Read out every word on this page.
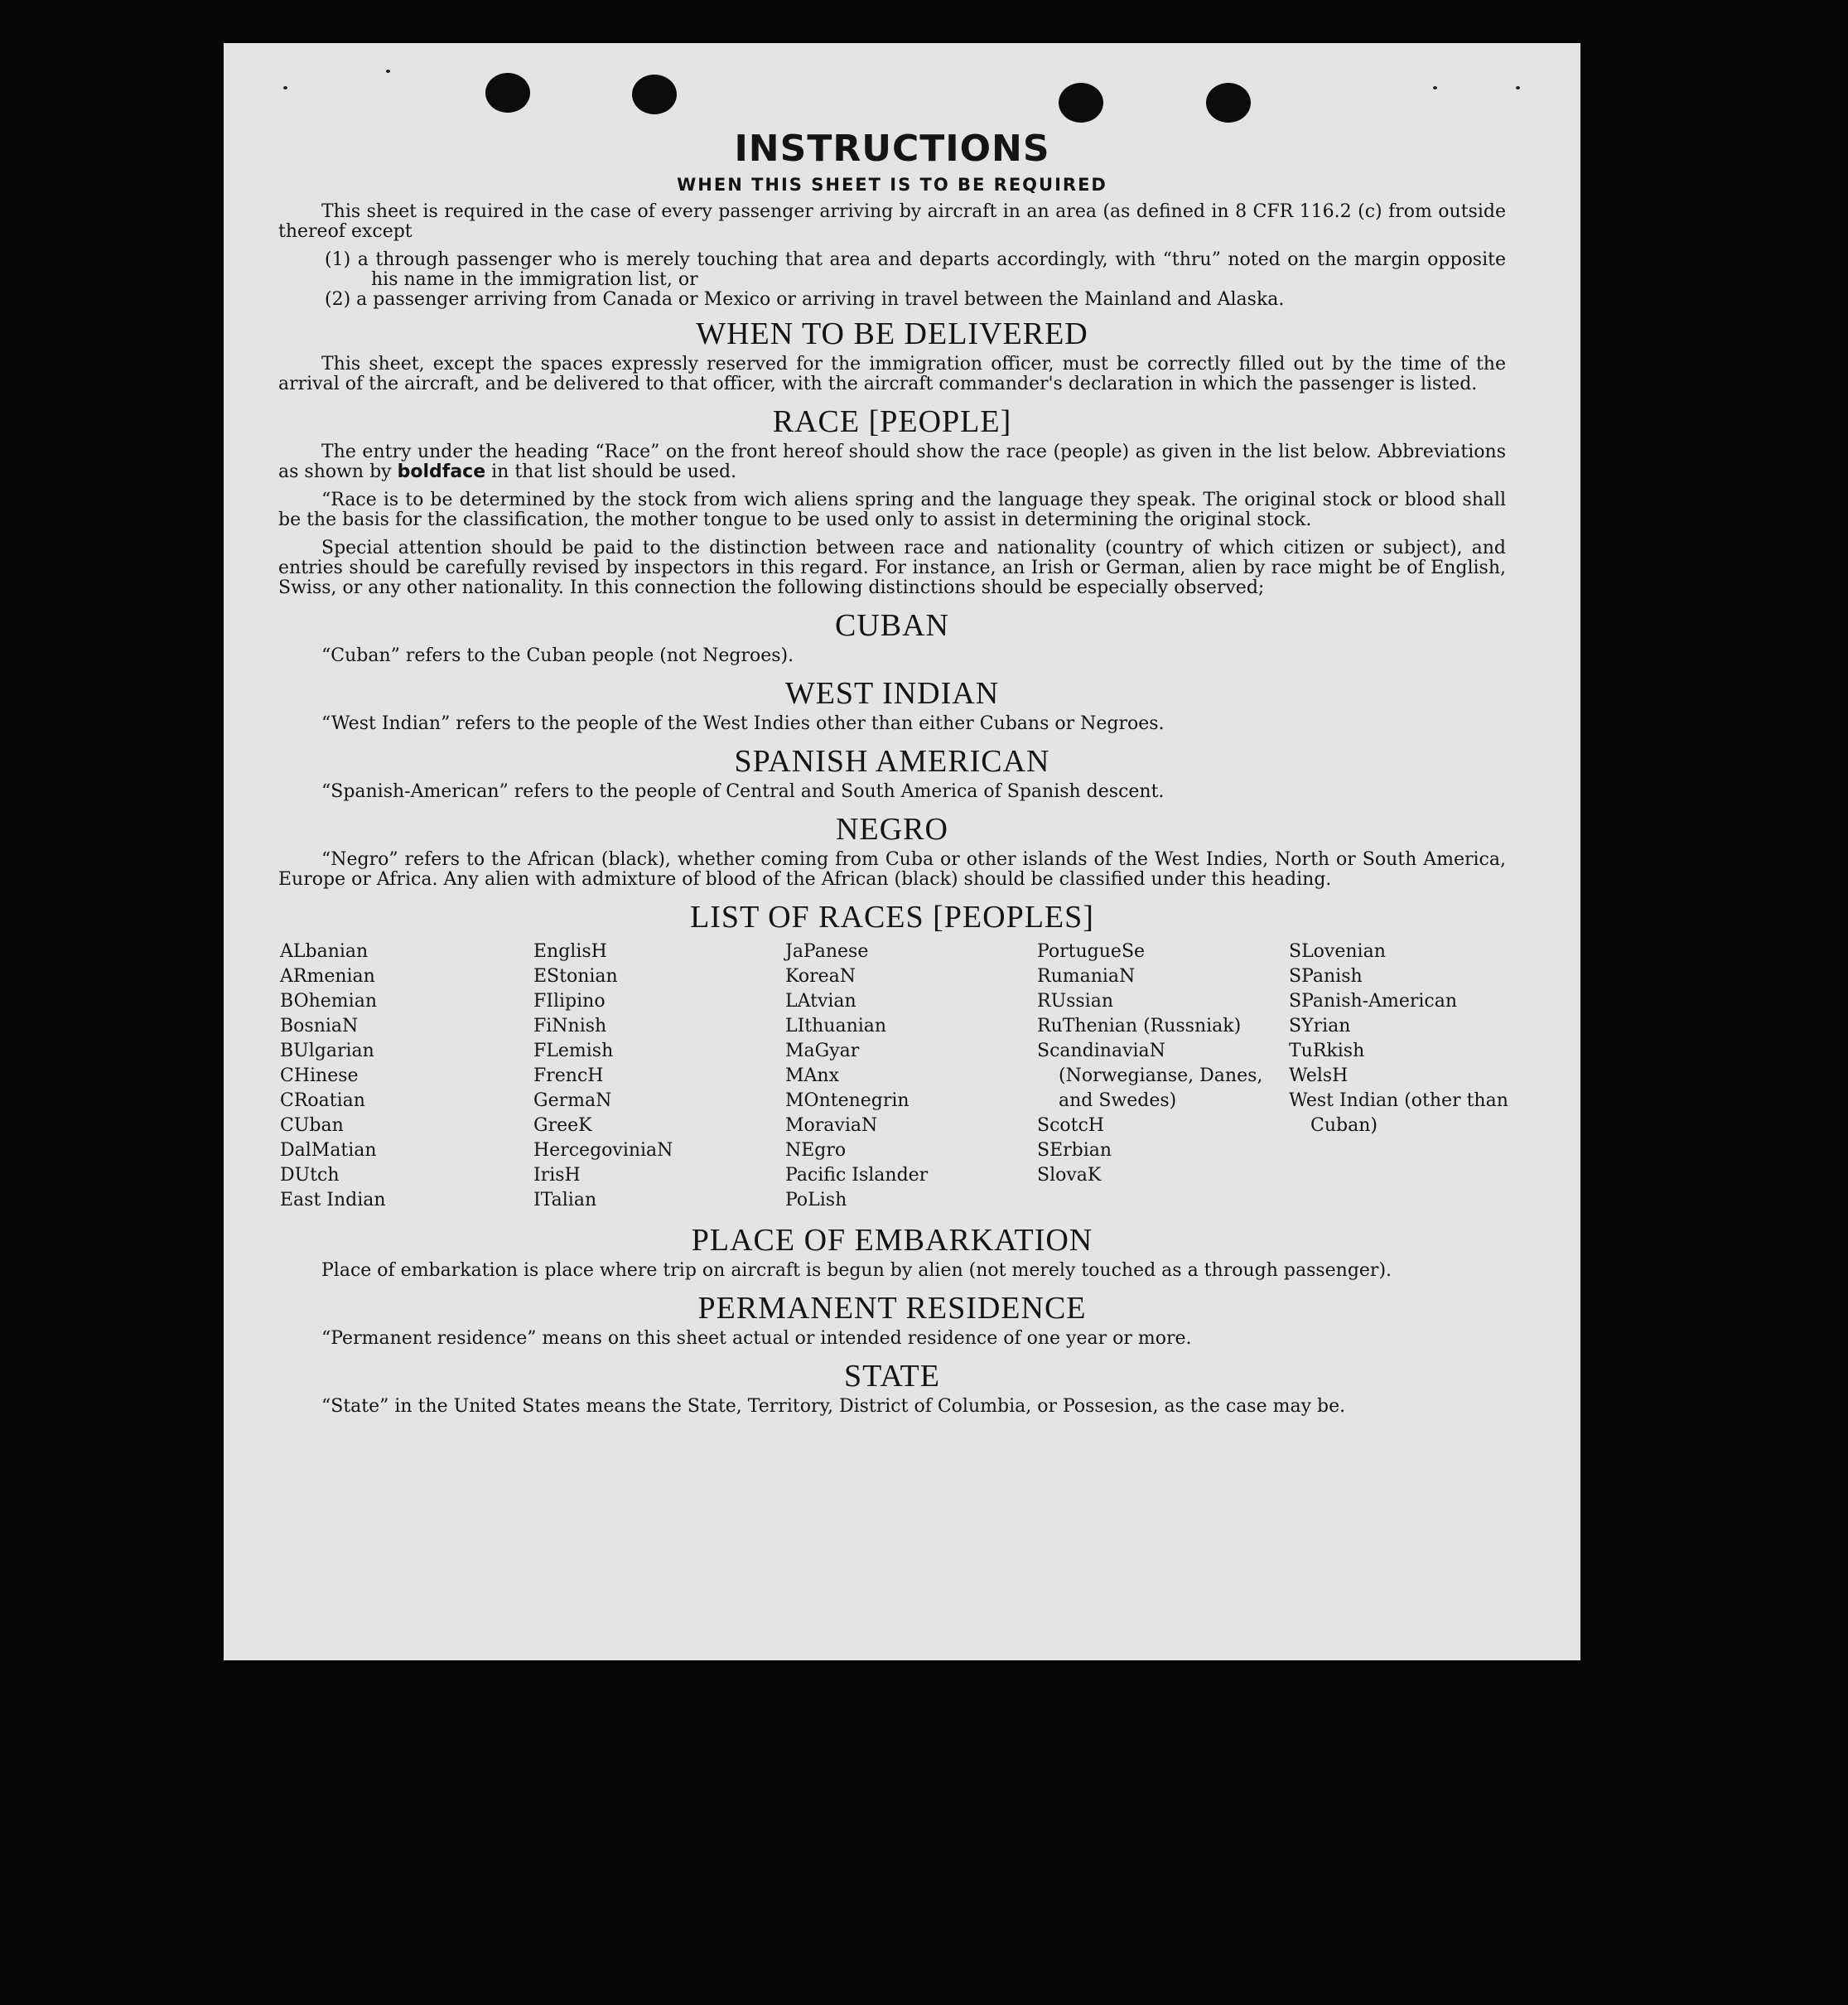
INSTRUCTIONS
WHEN THIS SHEET IS TO BE REQUIRED

This sheet is required in the case of every passenger arriving by aircraft in an area (as defined in 8 CFR 116.2 (c) from outside thereof except

(1) a through passenger who is merely touching that area and departs accordingly, with “thru” noted on the margin opposite his name in the immigration list, or
(2) a passenger arriving from Canada or Mexico or arriving in travel between the Mainland and Alaska.
WHEN TO BE DELIVERED

This sheet, except the spaces expressly reserved for the immigration officer, must be correctly filled out by the time of the arrival of the aircraft, and be delivered to that officer, with the aircraft commander's declaration in which the passenger is listed.

RACE [PEOPLE]

The entry under the heading “Race” on the front hereof should show the race (people) as given in the list below. Abbreviations as shown by boldface in that list should be used.

“Race is to be determined by the stock from wich aliens spring and the language they speak. The original stock or blood shall be the basis for the classification, the mother tongue to be used only to assist in determining the original stock.

Special attention should be paid to the distinction between race and nationality (country of which citizen or subject), and entries should be carefully revised by inspectors in this regard. For instance, an Irish or German, alien by race might be of English, Swiss, or any other nationality. In this connection the following distinctions should be especially observed;

CUBAN

“Cuban” refers to the Cuban people (not Negroes).

WEST INDIAN

“West Indian” refers to the people of the West Indies other than either Cubans or Negroes.

SPANISH AMERICAN

“Spanish-American” refers to the people of Central and South America of Spanish descent.

NEGRO

“Negro” refers to the African (black), whether coming from Cuba or other islands of the West Indies, North or South America, Europe or Africa. Any alien with admixture of blood of the African (black) should be classified under this heading.

LIST OF RACES [PEOPLES]
ALbanian
ARmenian
BOhemian
BosniaN
BUlgarian
CHinese
CRoatian
CUban
DalMatian
DUtch
East Indian
EnglisH
EStonian
FIlipino
FiNnish
FLemish
FrencH
GermaN
GreeK
HercegoviniaN
IrisH
ITalian
JaPanese
KoreaN
LAtvian
LIthuanian
MaGyar
MAnx
MOntenegrin
MoraviaN
NEgro
Pacific Islander
PoLish
PortugueSe
RumaniaN
RUssian
RuThenian (Russniak)
ScandinaviaN (Norwegianse, Danes, and Swedes)
ScotcH
SErbian
SlovaK
SLovenian
SPanish
SPanish-American
SYrian
TuRkish
WelsH
West Indian (other than Cuban)
PLACE OF EMBARKATION

Place of embarkation is place where trip on aircraft is begun by alien (not merely touched as a through passenger).

PERMANENT RESIDENCE

“Permanent residence” means on this sheet actual or intended residence of one year or more.

STATE

“State” in the United States means the State, Territory, District of Columbia, or Possesion, as the case may be.
